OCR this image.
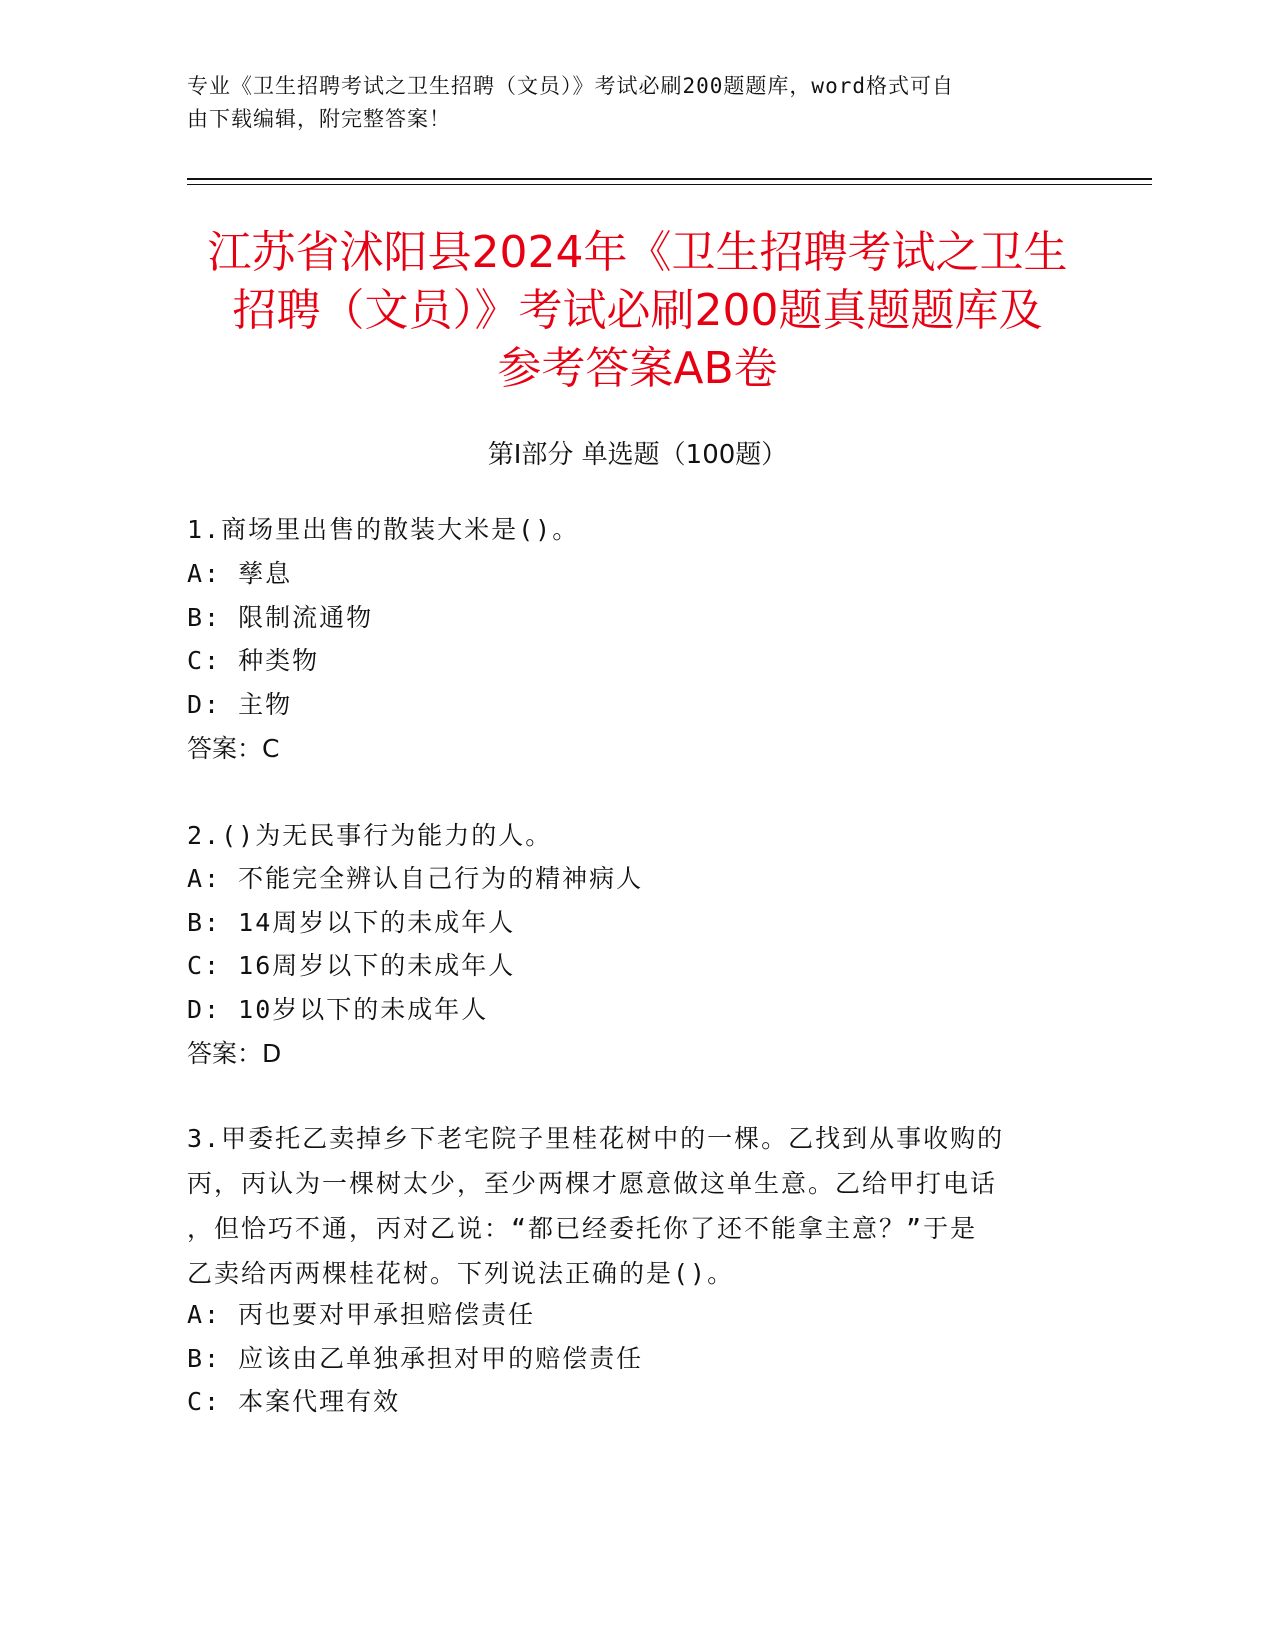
专业《卫生招聘考试之卫生招聘（文员）》考试必刷200题题库，word格式可自
由下载编辑，附完整答案！
江苏省沭阳县2024年《卫生招聘考试之卫生
招聘（文员）》考试必刷200题真题题库及
参考答案AB卷
第I部分 单选题（100题）
1.商场里出售的散装大米是()。
A: 孳息
B: 限制流通物
C: 种类物
D: 主物
答案：C
2.()为无民事行为能力的人。
A: 不能完全辨认自己行为的精神病人
B: 14周岁以下的未成年人
C: 16周岁以下的未成年人
D: 10岁以下的未成年人
答案：D
3.甲委托乙卖掉乡下老宅院子里桂花树中的一棵。乙找到从事收购的
丙，丙认为一棵树太少，至少两棵才愿意做这单生意。乙给甲打电话
，但恰巧不通，丙对乙说：“都已经委托你了还不能拿主意？”于是
乙卖给丙两棵桂花树。下列说法正确的是()。
A: 丙也要对甲承担赔偿责任
B: 应该由乙单独承担对甲的赔偿责任
C: 本案代理有效
